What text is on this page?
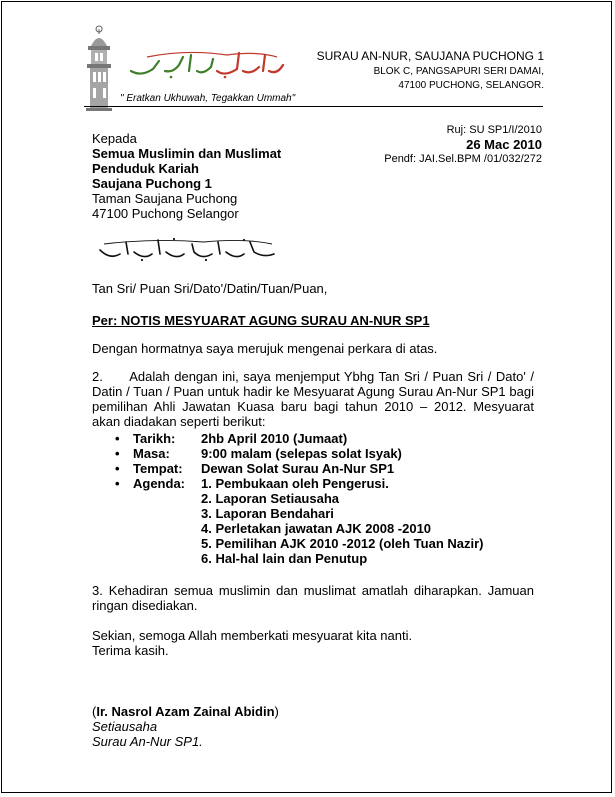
" Eratkan Ukhuwah, Tegakkan Ummah"
SURAU AN-NUR, SAUJANA PUCHONG 1
BLOK C, PANGSAPURI SERI DAMAI,
47100 PUCHONG, SELANGOR.
Ruj: SU SP1/I/2010
26 Mac 2010
Pendf: JAI.Sel.BPM /01/032/272
Kepada
Semua Muslimin dan Muslimat
Penduduk Kariah
Saujana Puchong 1
Taman Saujana Puchong
47100 Puchong Selangor
Tan Sri/ Puan Sri/Dato'/Datin/Tuan/Puan,
Per: NOTIS MESYUARAT AGUNG SURAU AN-NUR SP1
Dengan hormatnya saya merujuk mengenai perkara di atas.
2.      Adalah dengan ini, saya menjemput Ybhg Tan Sri / Puan Sri / Dato' / Datin / Tuan / Puan untuk hadir ke Mesyuarat Agung Surau An-Nur SP1 bagi pemilihan Ahli Jawatan Kuasa baru bagi tahun 2010 – 2012. Mesyuarat akan diadakan seperti berikut:
• Tarikh: 2hb April 2010 (Jumaat)
• Masa: 9:00 malam (selepas solat Isyak)
• Tempat: Dewan Solat Surau An-Nur SP1
• Agenda: 1. Pembukaan oleh Pengerusi.
2. Laporan Setiausaha
3. Laporan Bendahari
4. Perletakan jawatan AJK 2008 -2010
5. Pemilihan AJK 2010 -2012 (oleh Tuan Nazir)
6. Hal-hal lain dan Penutup
3. Kehadiran semua muslimin dan muslimat amatlah diharapkan. Jamuan ringan disediakan.
Sekian, semoga Allah memberkati mesyuarat kita nanti.
Terima kasih.
(Ir. Nasrol Azam Zainal Abidin)
Setiausaha
Surau An-Nur SP1.
